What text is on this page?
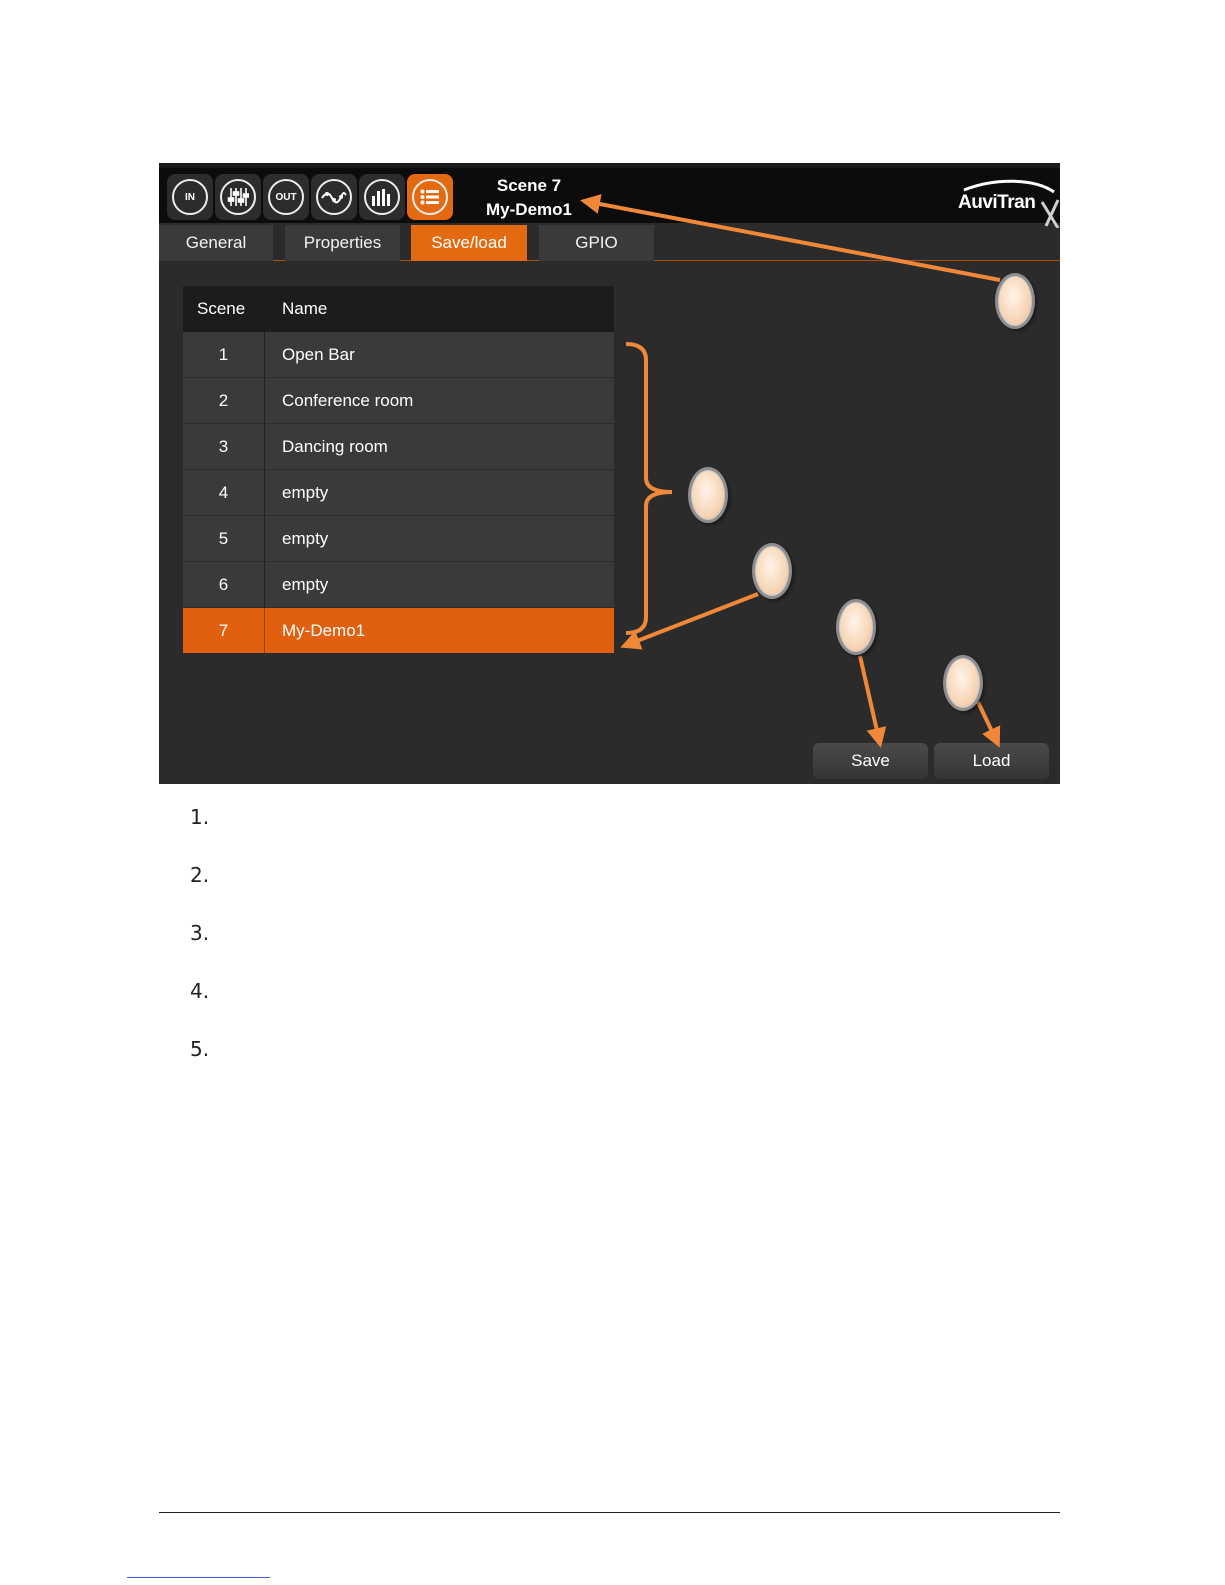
IN	OUT
Scene 7
My-Demo1	AuviTran
General	Properties	Save/load	GPIO
Scene Name
1	Open Bar
2	Conference room
3	Dancing room
4	empty
5	empty
6	empty
7	My-Demo1
Save	Load
1.
2.
3.
4.
5.
